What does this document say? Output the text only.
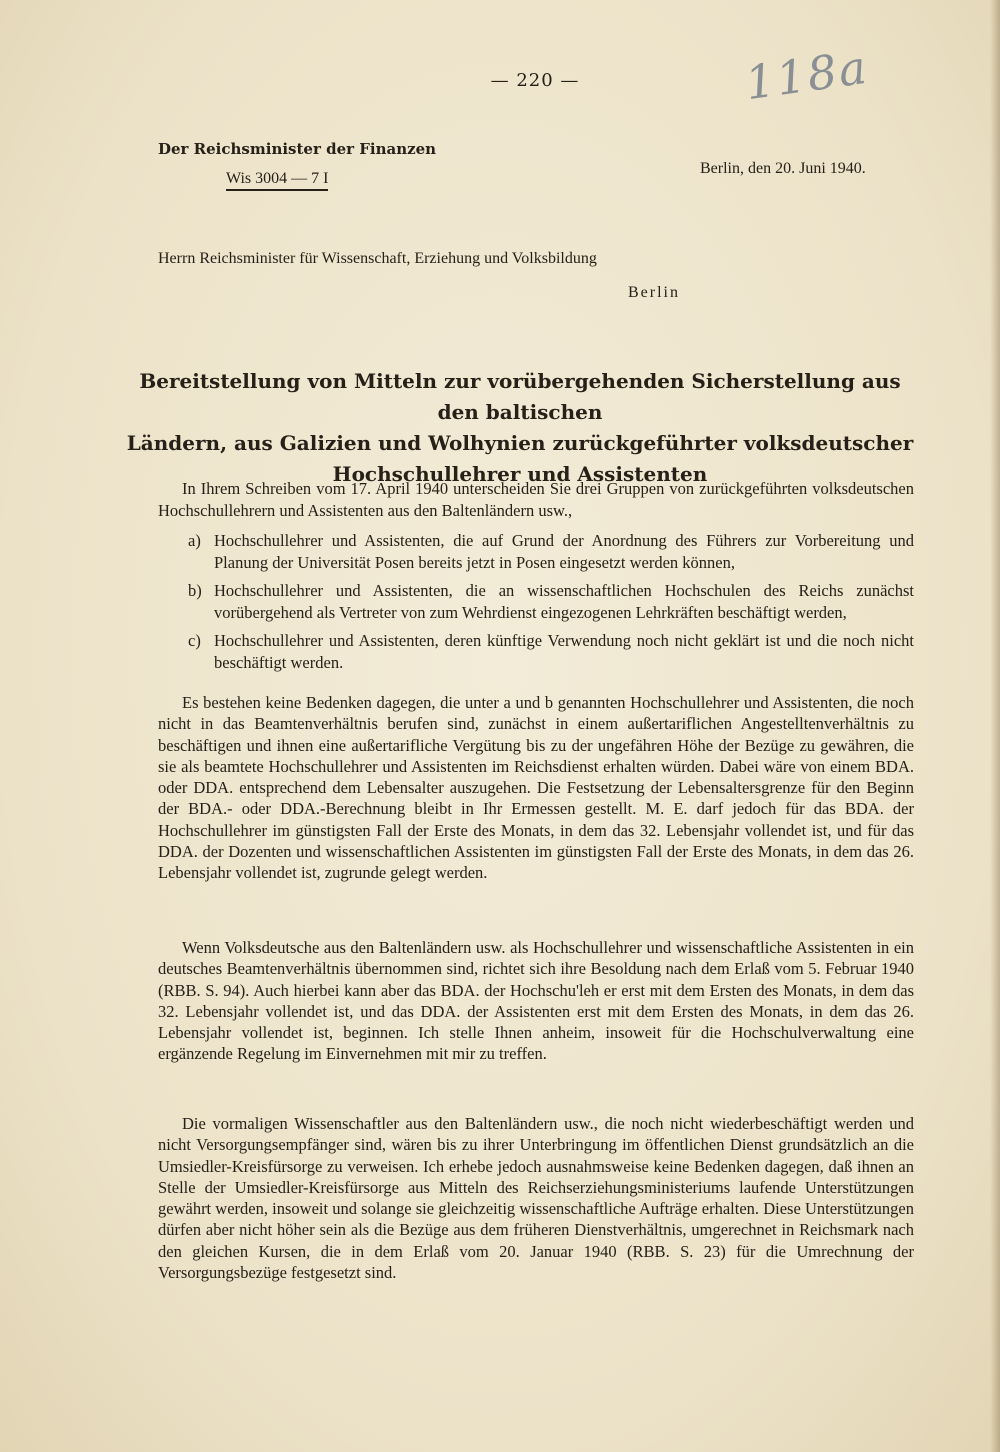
— 220 —	118a
Der Reichsminister der Finanzen
Wis 3004 — 7 I
Berlin, den 20. Juni 1940.
Herrn Reichsminister für Wissenschaft, Erziehung und Volksbildung
Berlin
Bereitstellung von Mitteln zur vorübergehenden Sicherstellung aus den baltischen
Ländern, aus Galizien und Wolhynien zurückgeführter volksdeutscher
Hochschullehrer und Assistenten

In Ihrem Schreiben vom 17. April 1940 unterscheiden Sie drei Gruppen von zurückgeführten volksdeutschen Hochschullehrern und Assistenten aus den Baltenländern usw.,

a) Hochschullehrer und Assistenten, die auf Grund der Anordnung des Führers zur Vorbereitung und Planung der Universität Posen bereits jetzt in Posen eingesetzt werden können,
b) Hochschullehrer und Assistenten, die an wissenschaftlichen Hochschulen des Reichs zunächst vorübergehend als Vertreter von zum Wehrdienst eingezogenen Lehrkräften beschäftigt werden,
c) Hochschullehrer und Assistenten, deren künftige Verwendung noch nicht geklärt ist und die noch nicht beschäftigt werden.

Es bestehen keine Bedenken dagegen, die unter a und b genannten Hochschullehrer und Assistenten, die noch nicht in das Beamtenverhältnis berufen sind, zunächst in einem außertariflichen Angestelltenverhältnis zu beschäftigen und ihnen eine außertarifliche Vergütung bis zu der ungefähren Höhe der Bezüge zu gewähren, die sie als beamtete Hochschullehrer und Assistenten im Reichsdienst erhalten würden. Dabei wäre von einem BDA. oder DDA. entsprechend dem Lebensalter auszugehen. Die Festsetzung der Lebensaltersgrenze für den Beginn der BDA.- oder DDA.-Berechnung bleibt in Ihr Ermessen gestellt. M. E. darf jedoch für das BDA. der Hochschullehrer im günstigsten Fall der Erste des Monats, in dem das 32. Lebensjahr vollendet ist, und für das DDA. der Dozenten und wissenschaftlichen Assistenten im günstigsten Fall der Erste des Monats, in dem das 26. Lebensjahr vollendet ist, zugrunde gelegt werden.

Wenn Volksdeutsche aus den Baltenländern usw. als Hochschullehrer und wissenschaftliche Assistenten in ein deutsches Beamtenverhältnis übernommen sind, richtet sich ihre Besoldung nach dem Erlaß vom 5. Februar 1940 (RBB. S. 94). Auch hierbei kann aber das BDA. der Hochschu'leh er erst mit dem Ersten des Monats, in dem das 32. Lebensjahr vollendet ist, und das DDA. der Assistenten erst mit dem Ersten des Monats, in dem das 26. Lebensjahr vollendet ist, beginnen. Ich stelle Ihnen anheim, insoweit für die Hochschulverwaltung eine ergänzende Regelung im Einvernehmen mit mir zu treffen.

Die vormaligen Wissenschaftler aus den Baltenländern usw., die noch nicht wiederbeschäftigt werden und nicht Versorgungsempfänger sind, wären bis zu ihrer Unterbringung im öffentlichen Dienst grundsätzlich an die Umsiedler-Kreisfürsorge zu verweisen. Ich erhebe jedoch ausnahmsweise keine Bedenken dagegen, daß ihnen an Stelle der Umsiedler-Kreisfürsorge aus Mitteln des Reichserziehungsministeriums laufende Unterstützungen gewährt werden, insoweit und solange sie gleichzeitig wissenschaftliche Aufträge erhalten. Diese Unterstützungen dürfen aber nicht höher sein als die Bezüge aus dem früheren Dienstverhältnis, umgerechnet in Reichsmark nach den gleichen Kursen, die in dem Erlaß vom 20. Januar 1940 (RBB. S. 23) für die Umrechnung der Versorgungsbezüge festgesetzt sind.
